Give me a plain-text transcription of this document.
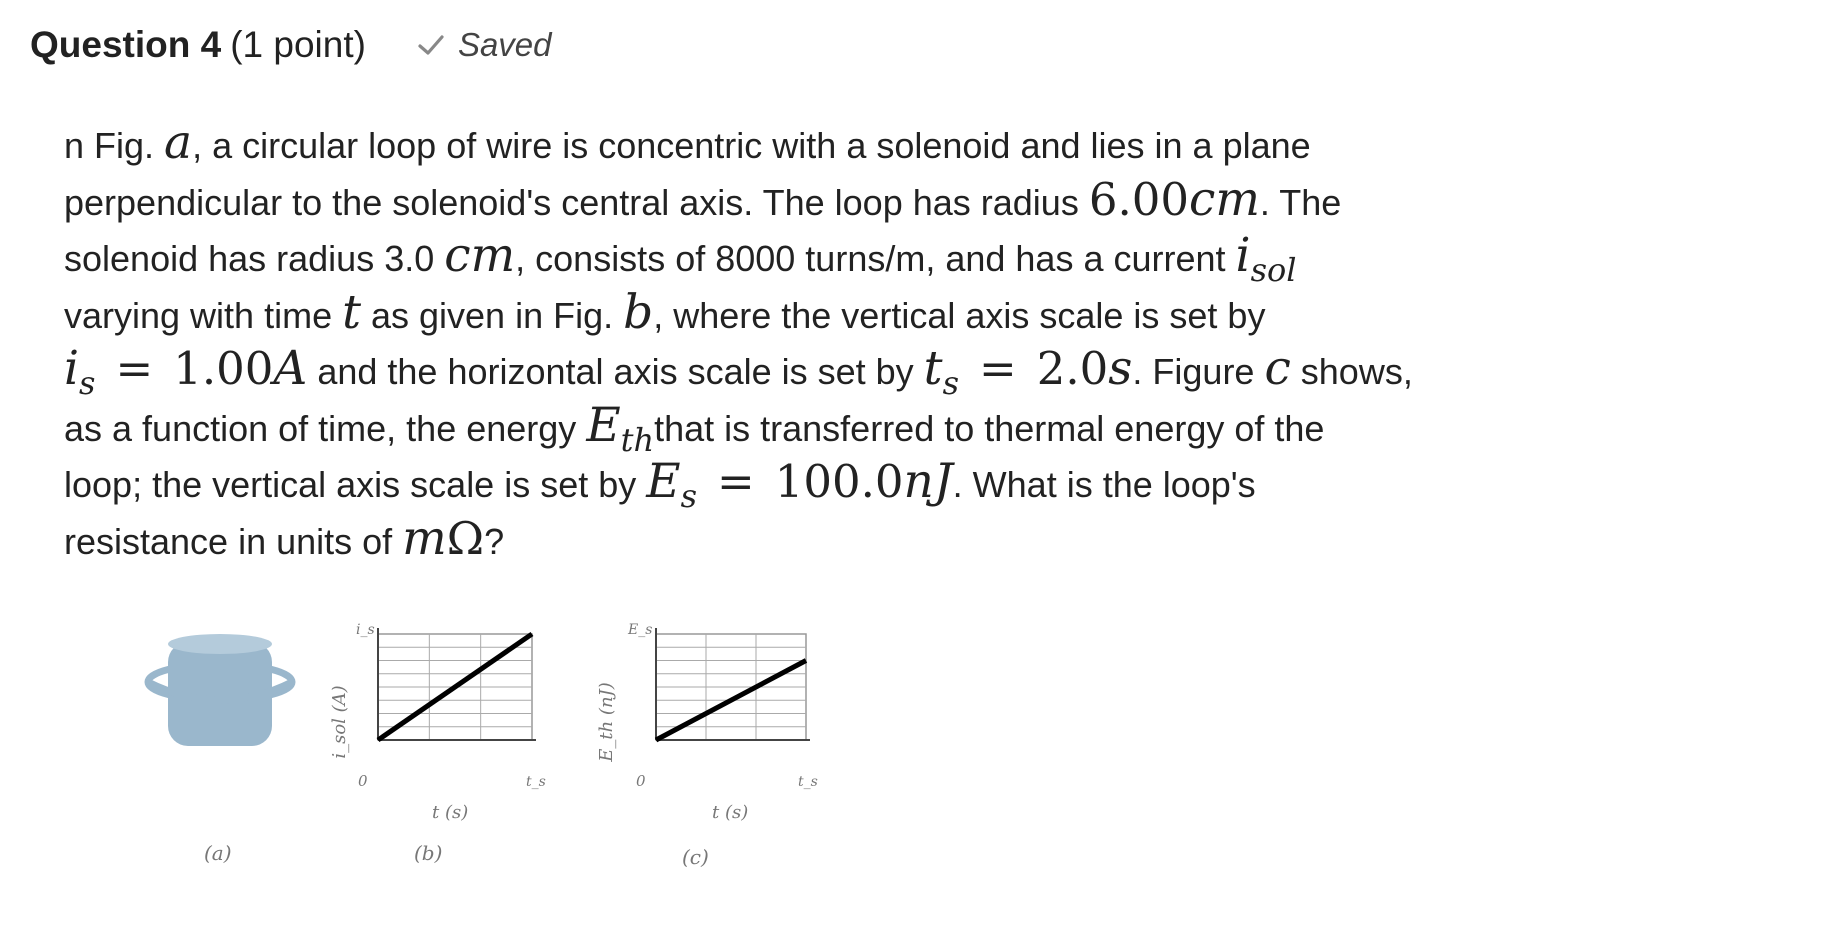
Question 4 (1 point)	Saved

n Fig. a, a circular loop of wire is concentric with a solenoid and lies in a plane

perpendicular to the solenoid's central axis. The loop has radius 6.00cm. The

solenoid has radius 3.0 cm, consists of 8000 turns/m, and has a current isol

varying with time t as given in Fig. b, where the vertical axis scale is set by

is = 1.00A and the horizontal axis scale is set by ts = 2.0s. Figure c shows,

as a function of time, the energy Eththat is transferred to thermal energy of the

loop; the vertical axis scale is set by Es = 100.0nJ. What is the loop's

resistance in units of mΩ?

(a)
i_sol (A)
i_s
0	t_s
t (s)
(b)
E_th (nJ)
E_s
0	t_s
t (s)
(c)
